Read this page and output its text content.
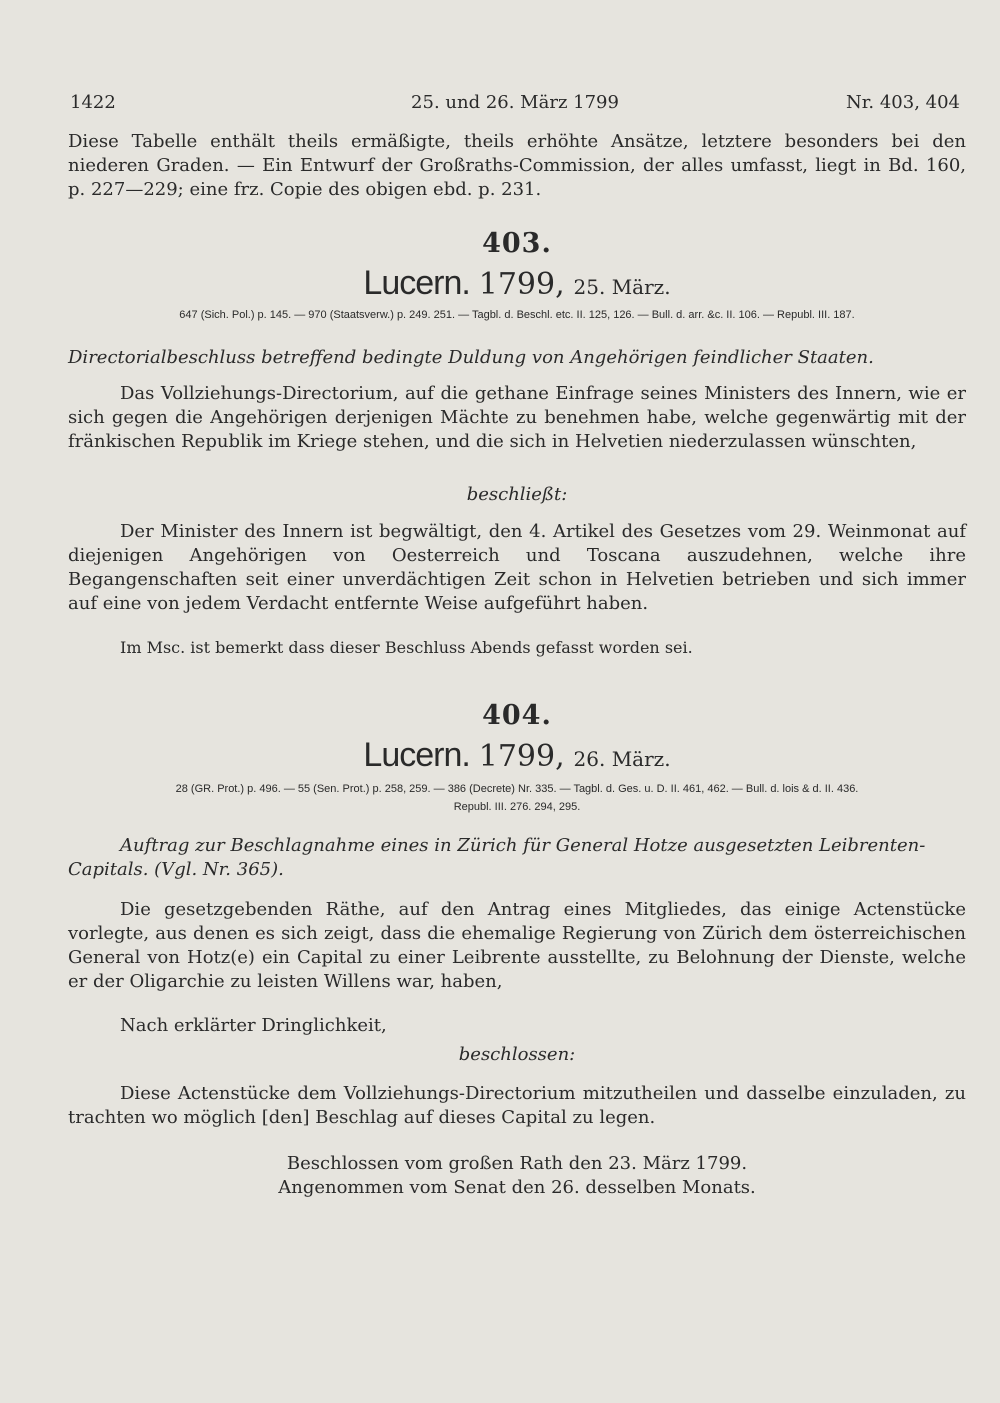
1422	25. und 26. März 1799	Nr. 403, 404
Diese Tabelle enthält theils ermäßigte, theils erhöhte Ansätze, letztere besonders bei den niederen Graden. — Ein Entwurf der Großraths-Commission, der alles umfasst, liegt in Bd. 160, p. 227—229; eine frz. Copie des obigen ebd. p. 231.
403.
Lucern. 1799, 25. März.
647 (Sich. Pol.) p. 145. — 970 (Staatsverw.) p. 249. 251. — Tagbl. d. Beschl. etc. II. 125, 126. — Bull. d. arr. &c. II. 106. — Republ. III. 187.
Directorialbeschluss betreffend bedingte Duldung von Angehörigen feindlicher Staaten.
Das Vollziehungs-Directorium, auf die gethane Einfrage seines Ministers des Innern, wie er sich gegen die Angehörigen derjenigen Mächte zu benehmen habe, welche gegenwärtig mit der fränkischen Republik im Kriege stehen, und die sich in Helvetien niederzulassen wünschten,
beschließt:
Der Minister des Innern ist begwältigt, den 4. Artikel des Gesetzes vom 29. Weinmonat auf diejenigen Angehörigen von Oesterreich und Toscana auszudehnen, welche ihre Begangenschaften seit einer unverdächtigen Zeit schon in Helvetien betrieben und sich immer auf eine von jedem Verdacht entfernte Weise aufgeführt haben.
Im Msc. ist bemerkt dass dieser Beschluss Abends gefasst worden sei.
404.
Lucern. 1799, 26. März.
28 (GR. Prot.) p. 496. — 55 (Sen. Prot.) p. 258, 259. — 386 (Decrete) Nr. 335. — Tagbl. d. Ges. u. D. II. 461, 462. — Bull. d. lois & d. II. 436.
Republ. III. 276. 294, 295.
Auftrag zur Beschlagnahme eines in Zürich für General Hotze ausgesetzten Leibrenten-Capitals. (Vgl. Nr. 365).
Die gesetzgebenden Räthe, auf den Antrag eines Mitgliedes, das einige Actenstücke vorlegte, aus denen es sich zeigt, dass die ehemalige Regierung von Zürich dem österreichischen General von Hotz(e) ein Capital zu einer Leibrente ausstellte, zu Belohnung der Dienste, welche er der Oligarchie zu leisten Willens war, haben,
Nach erklärter Dringlichkeit,
beschlossen:
Diese Actenstücke dem Vollziehungs-Directorium mitzutheilen und dasselbe einzuladen, zu trachten wo möglich [den] Beschlag auf dieses Capital zu legen.
Beschlossen vom großen Rath den 23. März 1799.
Angenommen vom Senat den 26. desselben Monats.
